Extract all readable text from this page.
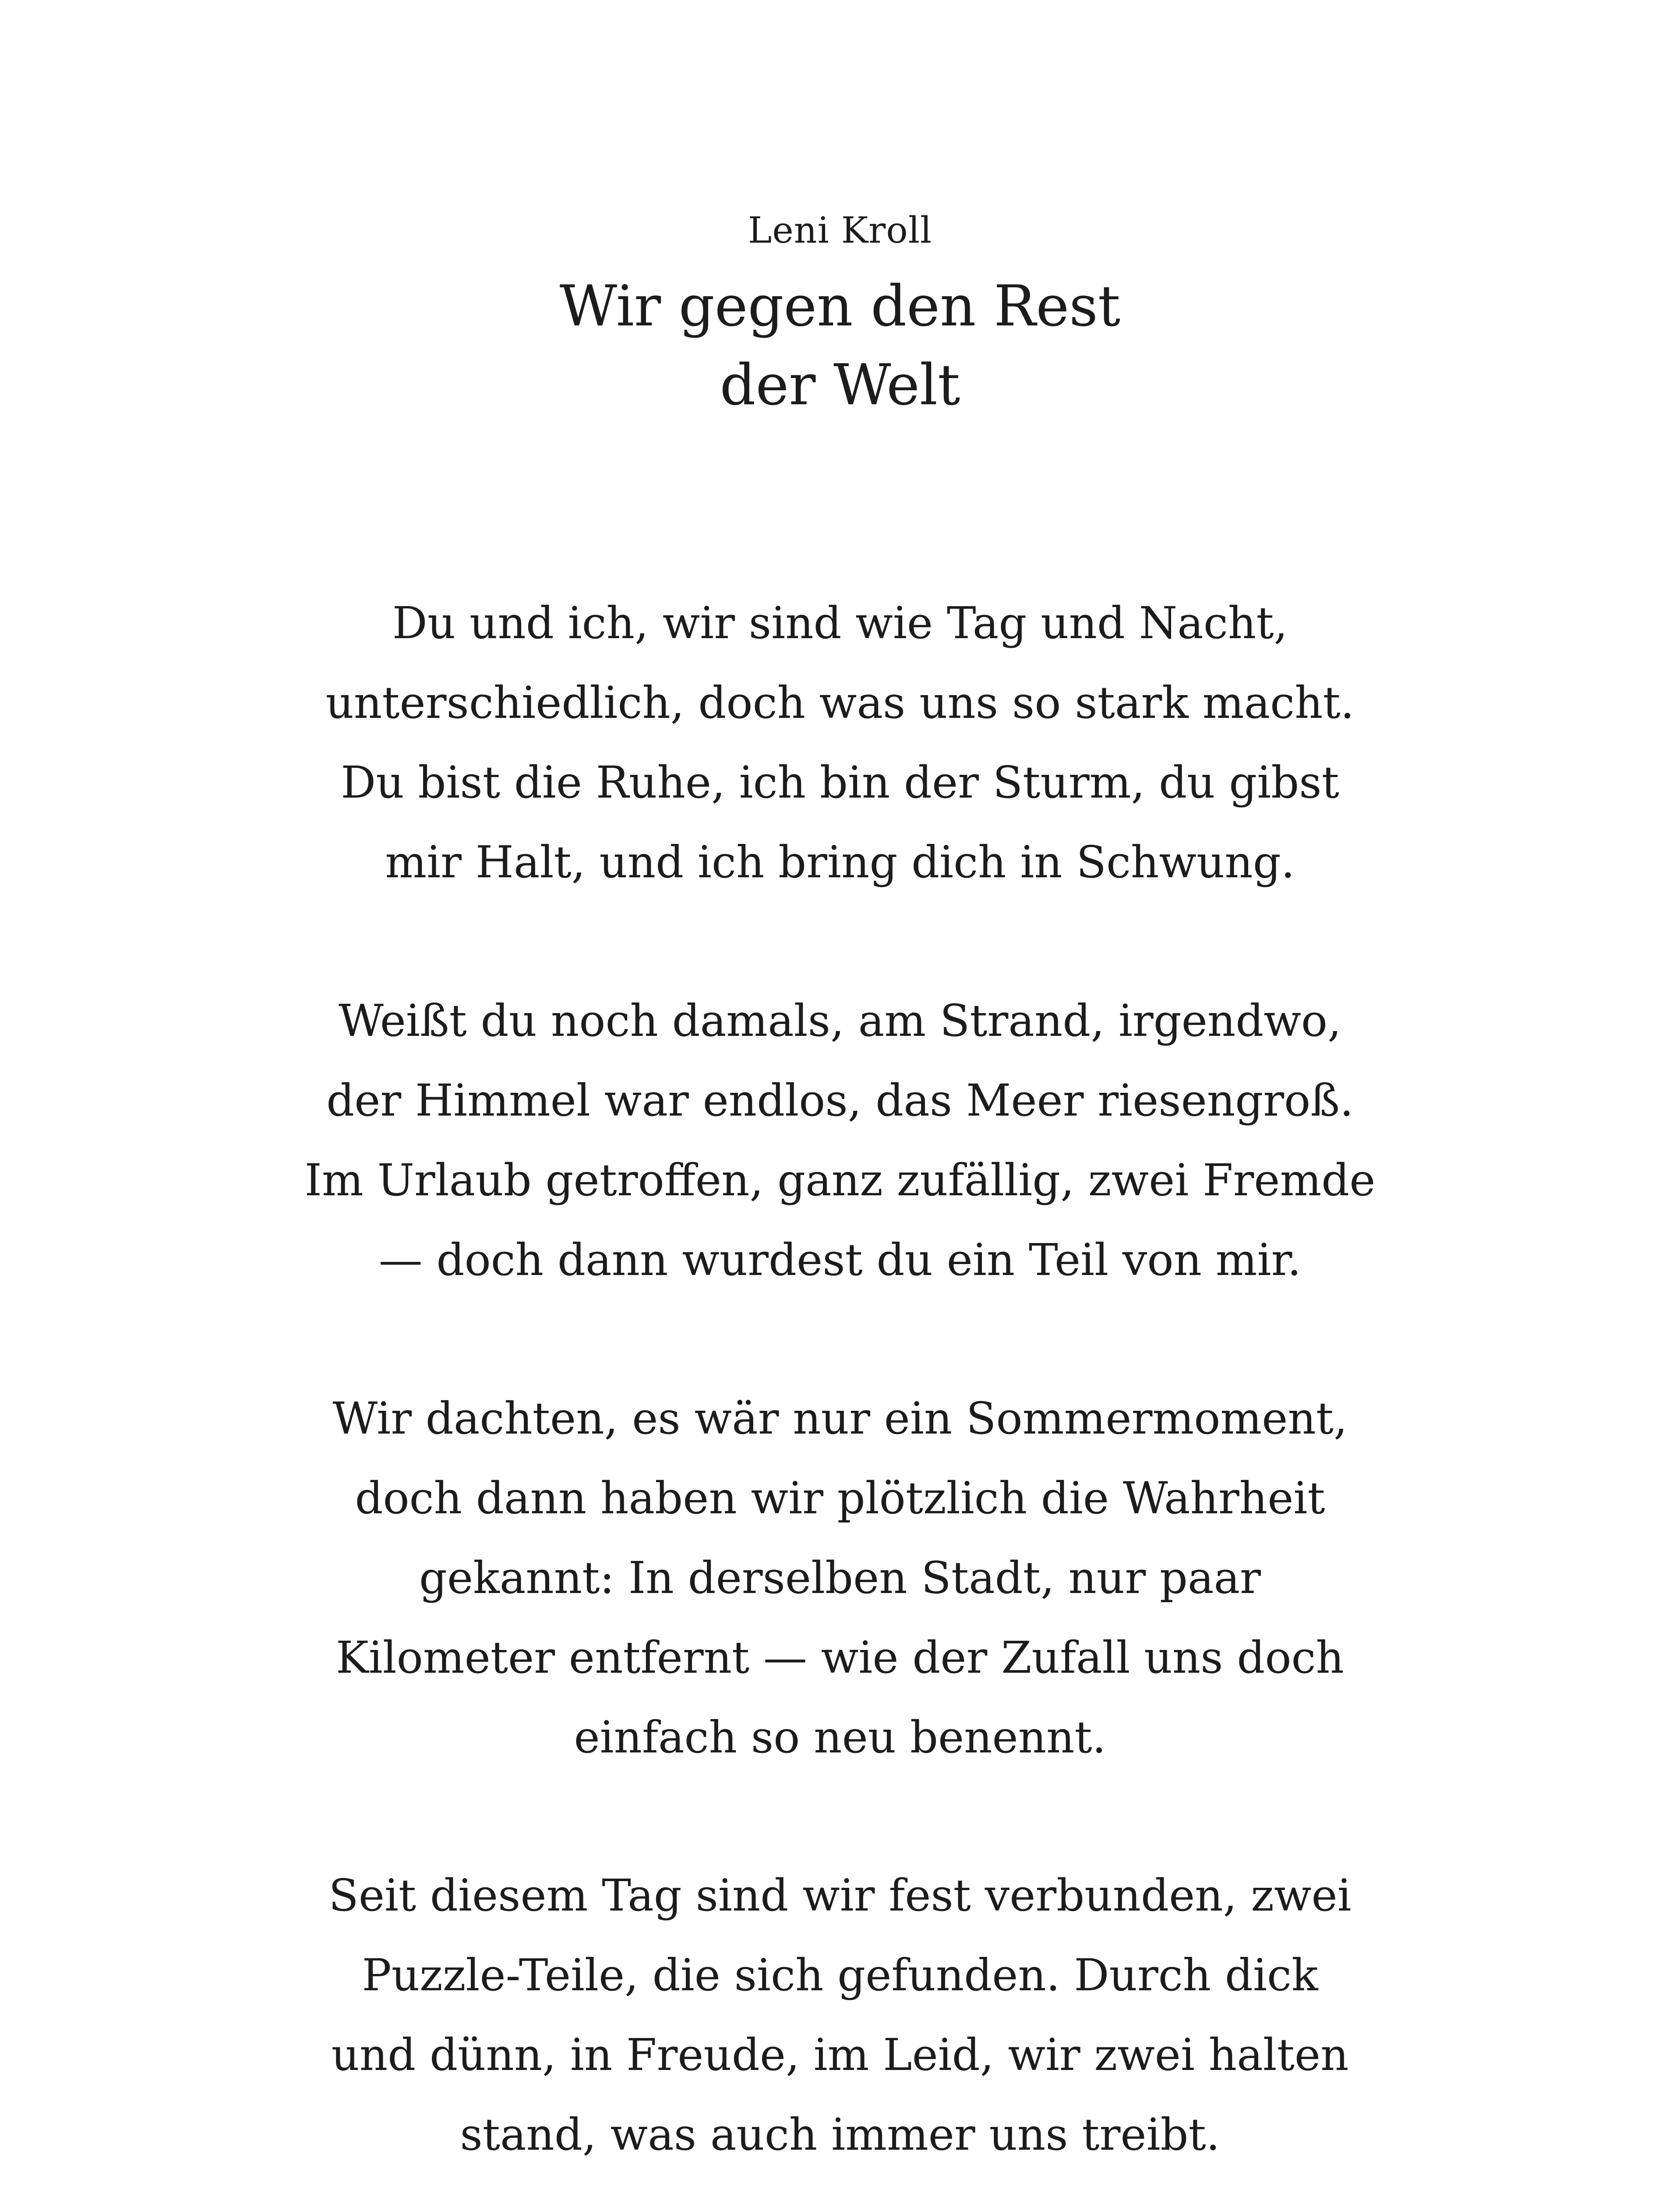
Leni Kroll
Wir gegen den Rest
der Welt
Du und ich, wir sind wie Tag und Nacht,
unterschiedlich, doch was uns so stark macht.
Du bist die Ruhe, ich bin der Sturm, du gibst
mir Halt, und ich bring dich in Schwung.
Weißt du noch damals, am Strand, irgendwo,
der Himmel war endlos, das Meer riesengroß.
Im Urlaub getroffen, ganz zufällig, zwei Fremde
— doch dann wurdest du ein Teil von mir.
Wir dachten, es wär nur ein Sommermoment,
doch dann haben wir plötzlich die Wahrheit
gekannt: In derselben Stadt, nur paar
Kilometer entfernt — wie der Zufall uns doch
einfach so neu benennt.
Seit diesem Tag sind wir fest verbunden, zwei
Puzzle-Teile, die sich gefunden. Durch dick
und dünn, in Freude, im Leid, wir zwei halten
stand, was auch immer uns treibt.
